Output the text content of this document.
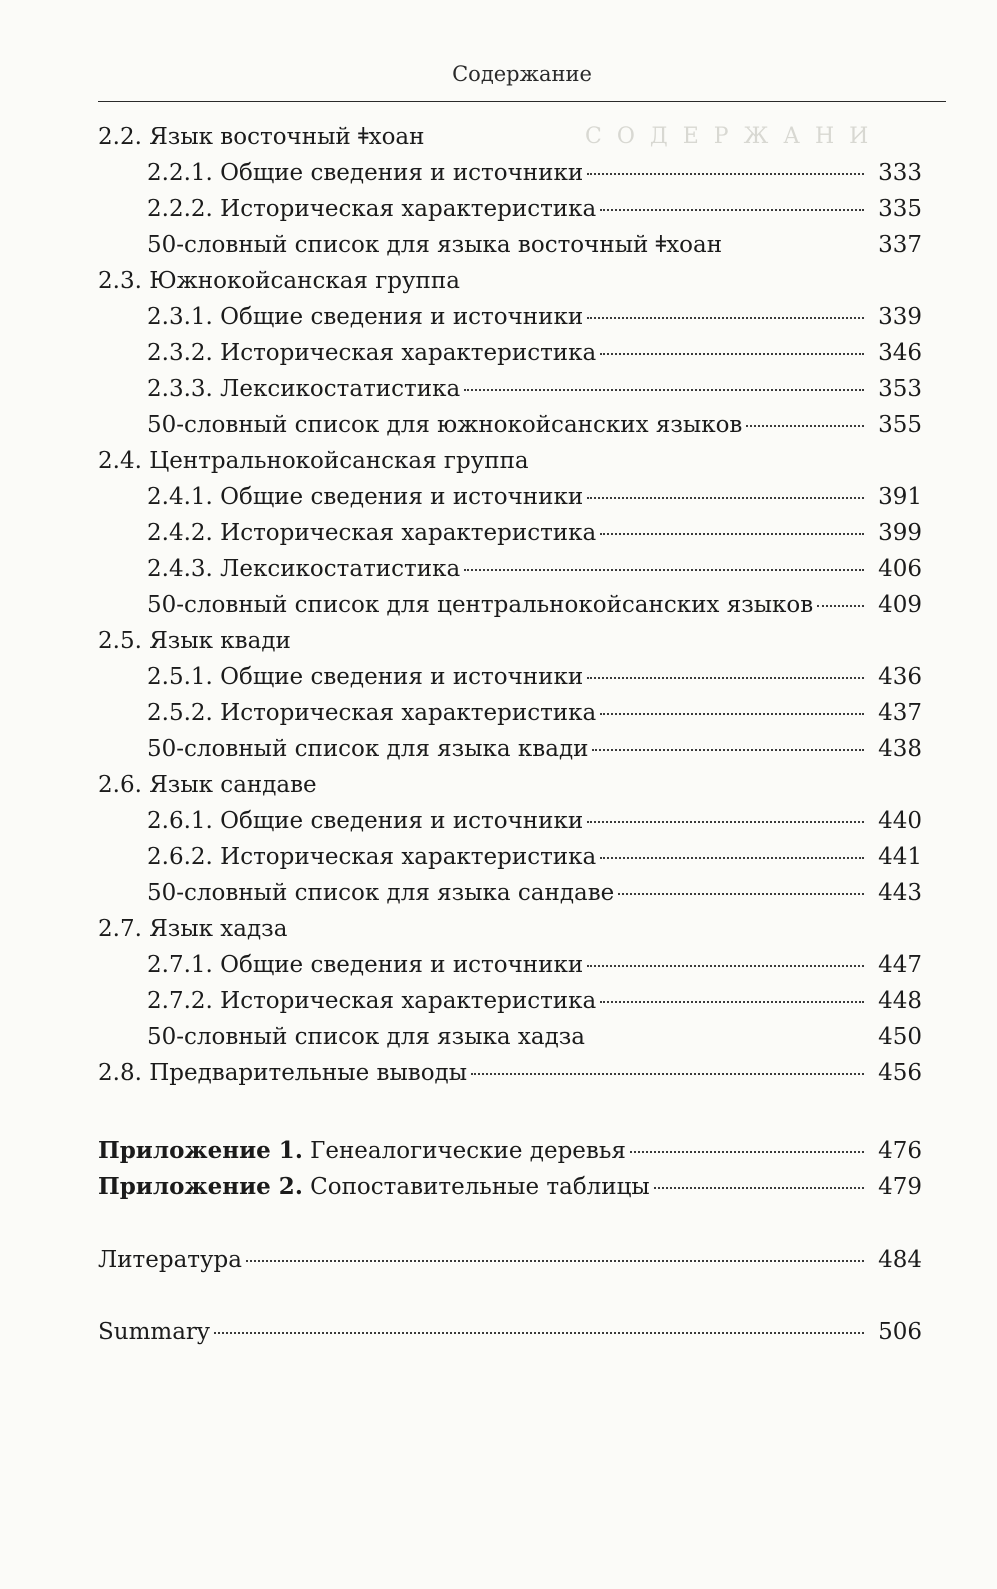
С О Д Е Р Ж А Н И
Содержание
2.2. Язык восточный ǂхоан
2.2.1. Общие сведения и источники	333
2.2.2. Историческая характеристика	335
50-словный список для языка восточный ǂхоан	337
2.3. Южнокойсанская группа
2.3.1. Общие сведения и источники	339
2.3.2. Историческая характеристика	346
2.3.3. Лексикостатистика	353
50-словный список для южнокойсанских языков	355
2.4. Центральнокойсанская группа
2.4.1. Общие сведения и источники	391
2.4.2. Историческая характеристика	399
2.4.3. Лексикостатистика	406
50-словный список для центральнокойсанских языков	409
2.5. Язык квади
2.5.1. Общие сведения и источники	436
2.5.2. Историческая характеристика	437
50-словный список для языка квади	438
2.6. Язык сандаве
2.6.1. Общие сведения и источники	440
2.6.2. Историческая характеристика	441
50-словный список для языка сандаве	443
2.7. Язык хадза
2.7.1. Общие сведения и источники	447
2.7.2. Историческая характеристика	448
50-словный список для языка хадза	450
2.8. Предварительные выводы	456
Приложение 1. Генеалогические деревья	476
Приложение 2. Сопоставительные таблицы	479
Литература	484
Summary	506
